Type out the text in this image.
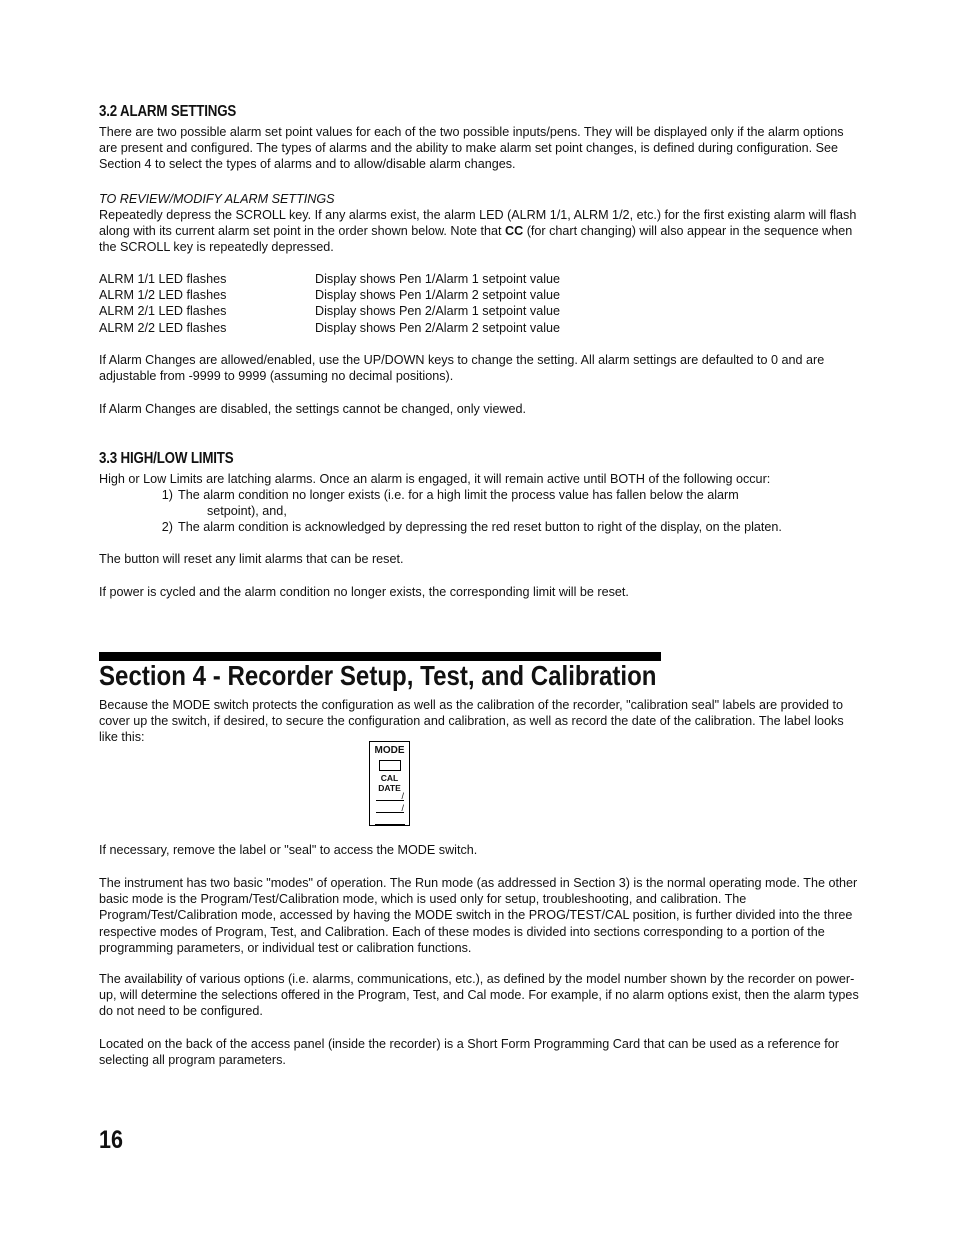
3.2 ALARM SETTINGS

There are two possible alarm set point values for each of the two possible inputs/pens. They will be displayed only if the alarm options are present and configured. The types of alarms and the ability to make alarm set point changes, is defined during configuration. See Section 4 to select the types of alarms and to allow/disable alarm changes.

TO REVIEW/MODIFY ALARM SETTINGS

Repeatedly depress the SCROLL key. If any alarms exist, the alarm LED (ALRM 1/1, ALRM 1/2, etc.) for the first existing alarm will flash along with its current alarm set point in the order shown below. Note that CC (for chart changing) will also appear in the sequence when the SCROLL key is repeatedly depressed.

ALRM 1/1 LED flashes	Display shows Pen 1/Alarm 1 setpoint value
ALRM 1/2 LED flashes	Display shows Pen 1/Alarm 2 setpoint value
ALRM 2/1 LED flashes	Display shows Pen 2/Alarm 1 setpoint value
ALRM 2/2 LED flashes	Display shows Pen 2/Alarm 2 setpoint value

If Alarm Changes are allowed/enabled, use the UP/DOWN keys to change the setting. All alarm settings are defaulted to 0 and are adjustable from -9999 to 9999 (assuming no decimal positions).

If Alarm Changes are disabled, the settings cannot be changed, only viewed.

3.3 HIGH/LOW LIMITS

High or Low Limits are latching alarms. Once an alarm is engaged, it will remain active until BOTH of the following occur:

1) The alarm condition no longer exists (i.e. for a high limit the process value has fallen below the alarm
setpoint), and,
2) The alarm condition is acknowledged by depressing the red reset button to right of the display, on the platen.

The button will reset any limit alarms that can be reset.

If power is cycled and the alarm condition no longer exists, the corresponding limit will be reset.

Section 4 - Recorder Setup, Test, and Calibration

Because the MODE switch protects the configuration as well as the calibration of the recorder, "calibration seal" labels are provided to cover up the switch, if desired, to secure the configuration and calibration, as well as record the date of the calibration. The label looks like this:

MODE
CAL
DATE
/
/

If necessary, remove the label or "seal" to access the MODE switch.

The instrument has two basic "modes" of operation. The Run mode (as addressed in Section 3) is the normal operating mode. The other basic mode is the Program/Test/Calibration mode, which is used only for setup, troubleshooting, and calibration. The Program/Test/Calibration mode, accessed by having the MODE switch in the PROG/TEST/CAL position, is further divided into the three respective modes of Program, Test, and Calibration. Each of these modes is divided into sections corresponding to a portion of the programming parameters, or individual test or calibration functions.

The availability of various options (i.e. alarms, communications, etc.), as defined by the model number shown by the recorder on power-up, will determine the selections offered in the Program, Test, and Cal mode. For example, if no alarm options exist, then the alarm types do not need to be configured.

Located on the back of the access panel (inside the recorder) is a Short Form Programming Card that can be used as a reference for selecting all program parameters.

16
